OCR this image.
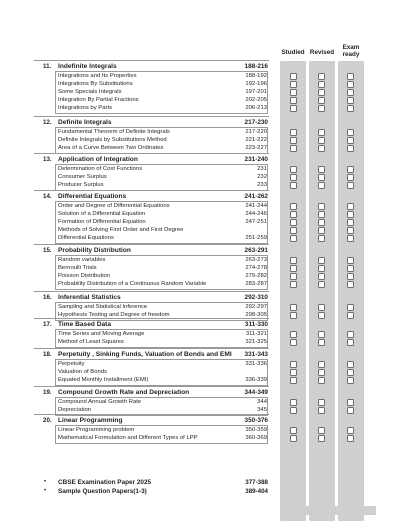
Studied Revised
Exam
ready
11. Indefinite Integrals	188-216
Integrations and Its Properties	188-192
Integrations By Substitutions	192-196
Some Specials Integrals	197-201
Integration By Partial Fractions	202-205
Integrations by Parts	206-213
12. Definite Integrals	217-230
Fundamental Theorem of Definite Integrals	217-220
Definite Integrals by Substitutions Method	221-222
Area of a Curve Between Two Ordinates	223-227
13. Application of Integration	231-240
Determination of Cost Functions	231
Consumer Surplus	232
Producer Surplus	233
14. Differential Equations	241-262
Order and Degree of Differential Equations	241-244
Solution of a Differential Equation	244-246
Formation of Differential Equation	247-251
Methods of Solving First Order and First Degree
Differential Equations	251-259
15. Probability Distribution	263-291
Random variables	263-273
Bernoulli Trials	274-278
Poisson Distribution	279-282
Probability Distribution of a Continuous Random Variable	283-287
16. Inferential Statistics	292-310
Sampling and Statistical Inference	292-297
Hypothesis Testing and Degree of freedom	298-305
17. Time Based Data	311-330
Time Series and Moving Average	311-321
Method of Least Squares	321-325
18. Perpetuity , Sinking Funds, Valuation of Bonds and EMI 331-343
Perpetuity	331-336
Valuation of Bonds
Equated Monthly Installment (EMI)	336-339
19. Compound Growth Rate and Depreciation	344-349
Compound Annual Growth Rate	344
Depreciation	345
20. Linear Programming	350-376
Linear Programming problem	350-359
Mathematical Formulation and Different Types of LPP	360-369
• CBSE Examination Paper 2025	377-388
• Sample Question Papers(1-3)	389-404
